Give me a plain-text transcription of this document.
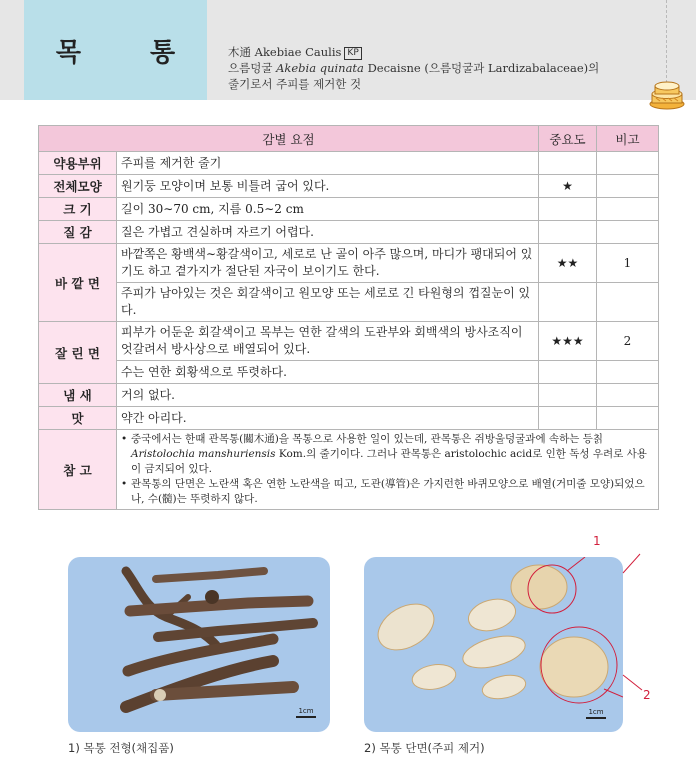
목 통 木通 Akebiae Caulis KP
으름덩굴 Akebia quinata Decaisne (으름덩굴과 Lardizabalaceae)의
줄기로서 주피를 제거한 것
감별 요점		중요도	비고
약용부위	주피를 제거한 줄기		
전체모양	원기둥 모양이며 보통 비틀려 굽어 있다.	★	
크 기	길이 30∼70 cm, 지름 0.5∼2 cm		
질 감	질은 가볍고 견실하며 자르기 어렵다.		
바 깥 면	바깥쪽은 황백색∼황갈색이고, 세로로 난 골이 아주 많으며, 마디가 팽대되어 있기도 하고 곁가지가 절단된 자국이 보이기도 한다.	★★	1
	주피가 남아있는 것은 회갈색이고 원모양 또는 세로로 긴 타원형의 껍질눈이 있다.		
잘 린 면	피부가 어둔운 회갈색이고 목부는 연한 갈색의 도관부와 회백색의 방사조직이 엇갈려서 방사상으로 배열되어 있다.	★★★	2
	수는 연한 회황색으로 뚜렷하다.		
냄 새	거의 없다.		
맛	약간 아리다.		
참 고	• 중국에서는 한때 관목통(關木通)을 목통으로 사용한 일이 있는데, 관목통은 쥐방울덩굴과에 속하는 등칡 Aristolochia manshuriensis Kom.의 줄기이다. 그러나 관목통은 aristolochic acid로 인한 독성 우려로 사용이 금지되어 있다.
• 관목통의 단면은 노란색 혹은 연한 노란색을 띠고, 도관(導管)은 가지런한 바퀴모양으로 배열(거미줄 모양)되었으나, 수(髓)는 뚜렷하지 않다.		
1cm	1cm
1
2
1) 목통 전형(채집품)	2) 목통 단면(주피 제거)
